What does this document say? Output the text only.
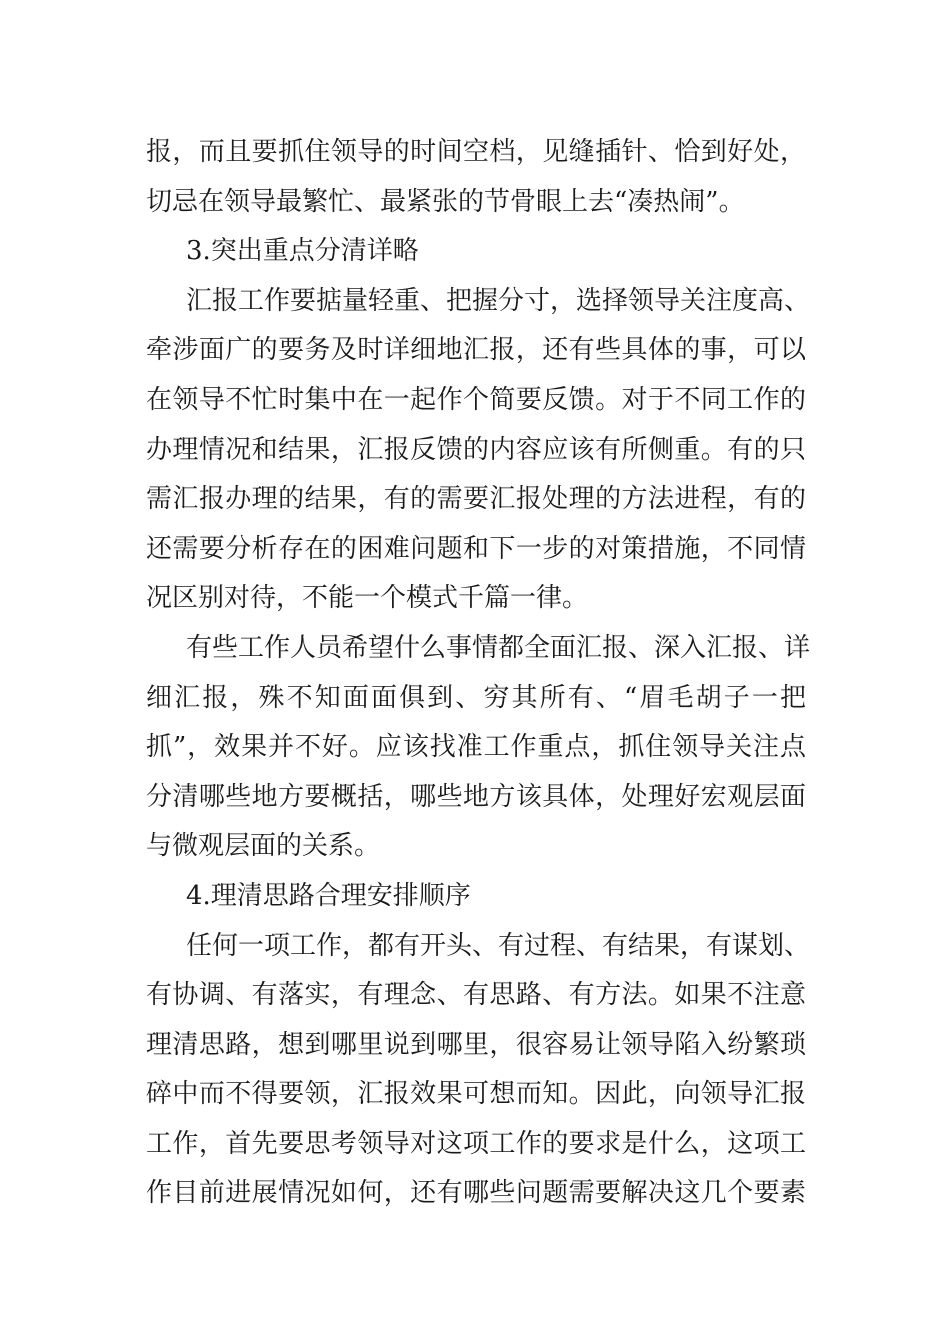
报，而且要抓住领导的时间空档，见缝插针、恰到好处，
切忌在领导最繁忙、最紧张的节骨眼上去“凑热闹”。
3.突出重点分清详略
汇报工作要掂量轻重、把握分寸，选择领导关注度高、
牵涉面广的要务及时详细地汇报，还有些具体的事，可以
在领导不忙时集中在一起作个简要反馈。对于不同工作的
办理情况和结果，汇报反馈的内容应该有所侧重。有的只
需汇报办理的结果，有的需要汇报处理的方法进程，有的
还需要分析存在的困难问题和下一步的对策措施，不同情
况区别对待，不能一个模式千篇一律。
有些工作人员希望什么事情都全面汇报、深入汇报、详
细汇报，殊不知面面俱到、穷其所有、“眉毛胡子一把
抓”，效果并不好。应该找准工作重点，抓住领导关注点
分清哪些地方要概括，哪些地方该具体，处理好宏观层面
与微观层面的关系。
4.理清思路合理安排顺序
任何一项工作，都有开头、有过程、有结果，有谋划、
有协调、有落实，有理念、有思路、有方法。如果不注意
理清思路，想到哪里说到哪里，很容易让领导陷入纷繁琐
碎中而不得要领，汇报效果可想而知。因此，向领导汇报
工作，首先要思考领导对这项工作的要求是什么，这项工
作目前进展情况如何，还有哪些问题需要解决这几个要素
